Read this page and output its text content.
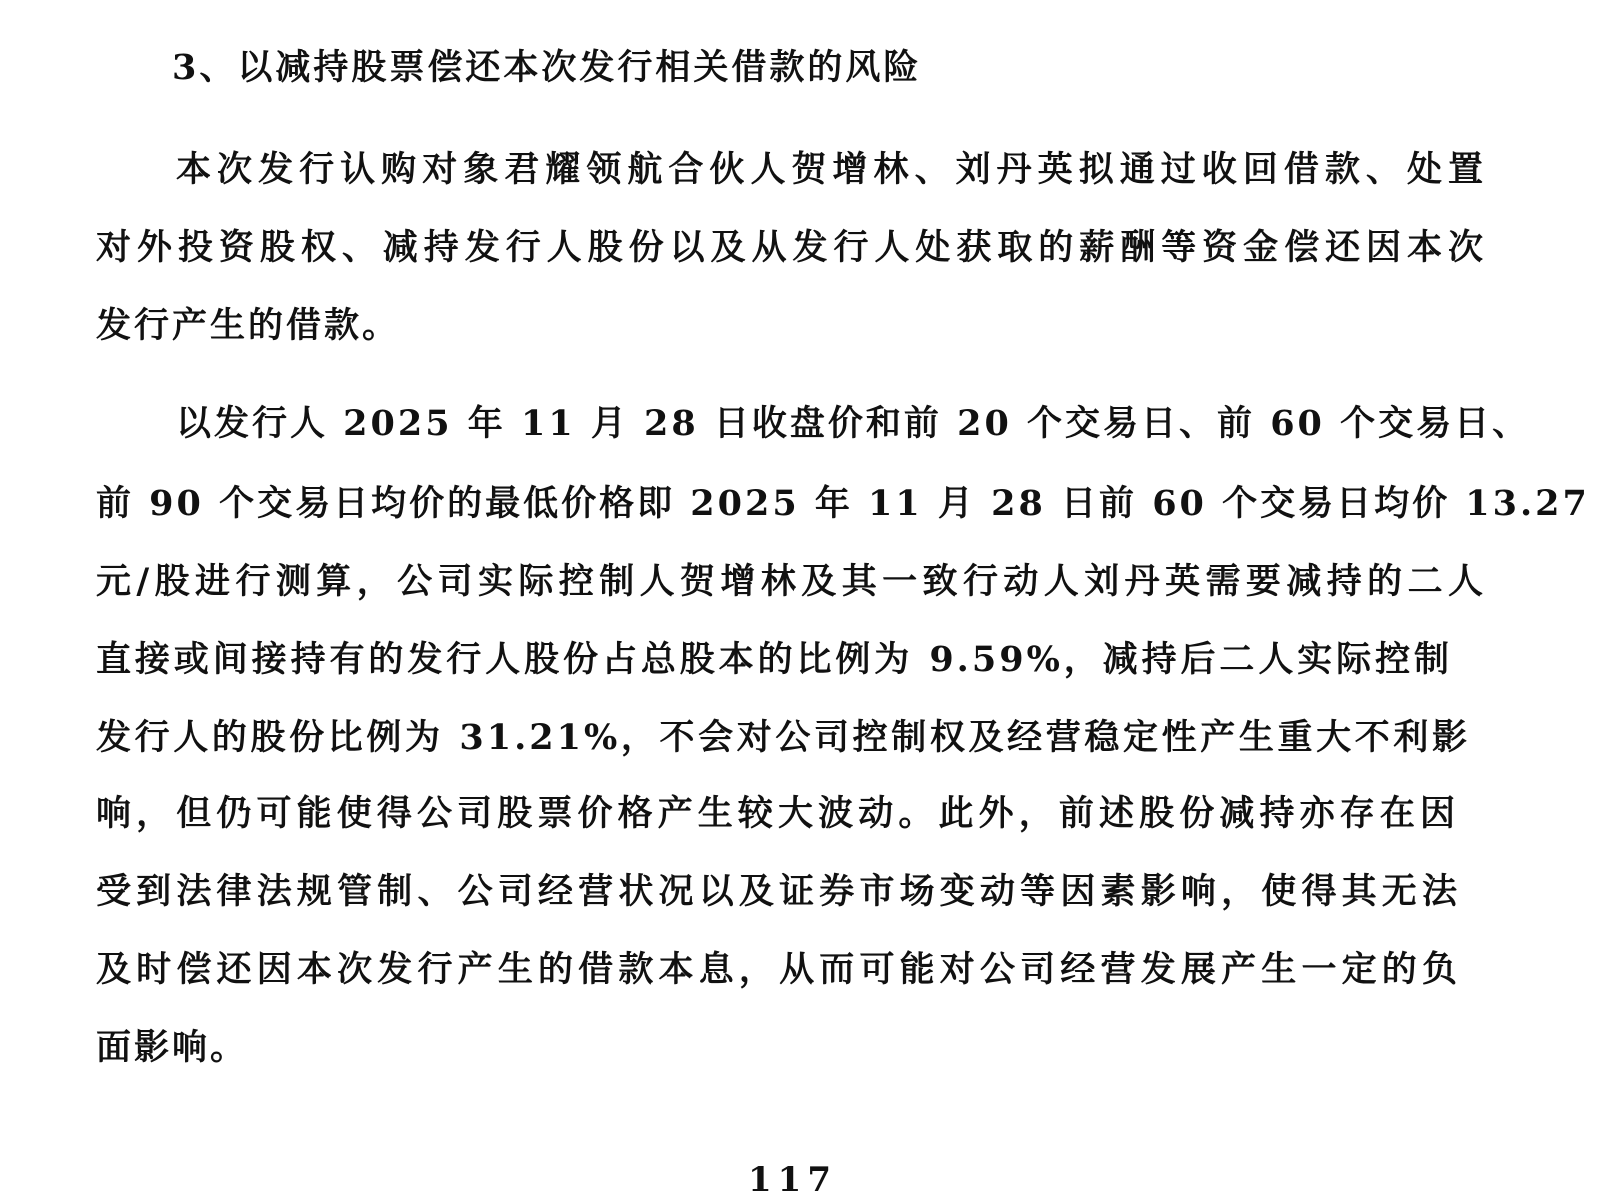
3、以减持股票偿还本次发行相关借款的风险
本次发行认购对象君耀领航合伙人贺增林、刘丹英拟通过收回借款、处置
对外投资股权、减持发行人股份以及从发行人处获取的薪酬等资金偿还因本次
发行产生的借款。
以发行人 2025 年 11 月 28 日收盘价和前 20 个交易日、前 60 个交易日、
前 90 个交易日均价的最低价格即 2025 年 11 月 28 日前 60 个交易日均价 13.27
元/股进行测算，公司实际控制人贺增林及其一致行动人刘丹英需要减持的二人
直接或间接持有的发行人股份占总股本的比例为 9.59%，减持后二人实际控制
发行人的股份比例为 31.21%，不会对公司控制权及经营稳定性产生重大不利影
响，但仍可能使得公司股票价格产生较大波动。此外，前述股份减持亦存在因
受到法律法规管制、公司经营状况以及证券市场变动等因素影响，使得其无法
及时偿还因本次发行产生的借款本息，从而可能对公司经营发展产生一定的负
面影响。
117
